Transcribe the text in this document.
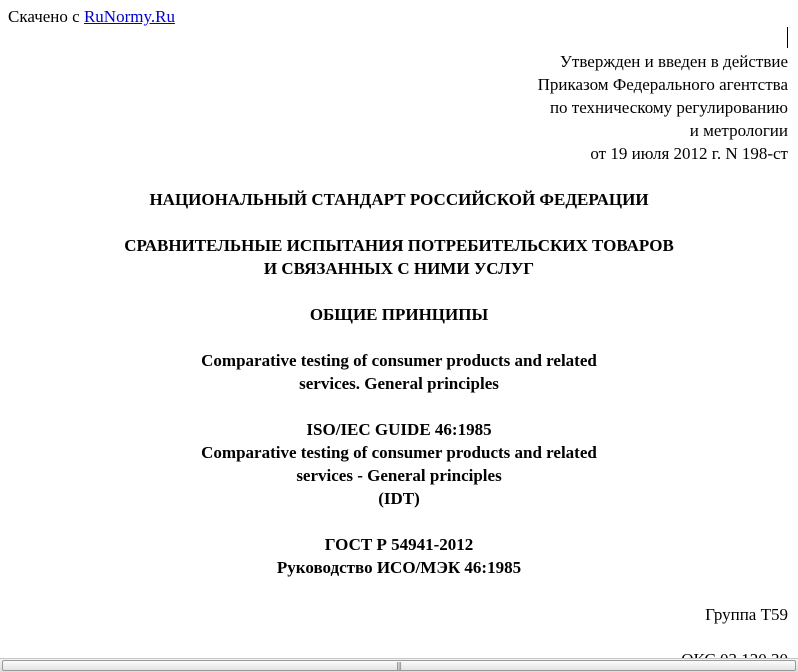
Скачено с RuNormy.Ru
Утвержден и введен в действие
Приказом Федерального агентства
по техническому регулированию
и метрологии
от 19 июля 2012 г. N 198-ст
НАЦИОНАЛЬНЫЙ СТАНДАРТ РОССИЙСКОЙ ФЕДЕРАЦИИ
СРАВНИТЕЛЬНЫЕ ИСПЫТАНИЯ ПОТРЕБИТЕЛЬСКИХ ТОВАРОВ
И СВЯЗАННЫХ С НИМИ УСЛУГ
ОБЩИЕ ПРИНЦИПЫ
Comparative testing of consumer products and related
services. General principles
ISO/IEC GUIDE 46:1985
Comparative testing of consumer products and related
services - General principles
(IDT)
ГОСТ Р 54941-2012
Руководство ИСО/МЭК 46:1985
Группа Т59
|||
